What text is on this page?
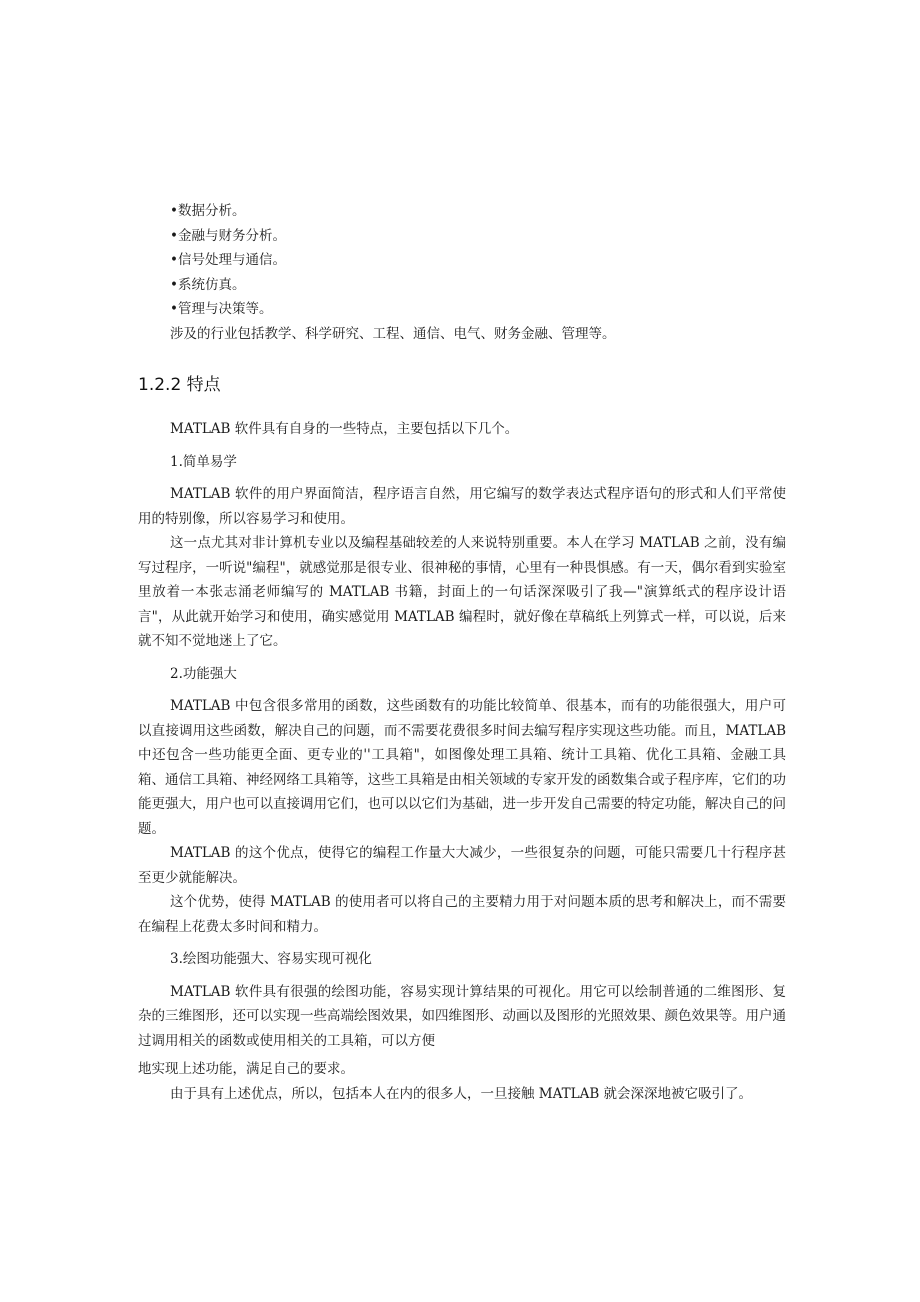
•数据分析。
•金融与财务分析。
•信号处理与通信。
•系统仿真。
•管理与决策等。
涉及的行业包括教学、科学研究、工程、通信、电气、财务金融、管理等。
1.2.2 特点

MATLAB 软件具有自身的一些特点，主要包括以下几个。

1.简单易学

MATLAB 软件的用户界面简洁，程序语言自然，用它编写的数学表达式程序语句的形式和人们平常使用的特别像，所以容易学习和使用。

这一点尤其对非计算机专业以及编程基础较差的人来说特别重要。本人在学习 MATLAB 之前，没有编写过程序，一听说"编程"，就感觉那是很专业、很神秘的事情，心里有一种畏惧感。有一天，偶尔看到实验室里放着一本张志涌老师编写的 MATLAB 书籍，封面上的一句话深深吸引了我—"演算纸式的程序设计语言"，从此就开始学习和使用，确实感觉用 MATLAB 编程时，就好像在草稿纸上列算式一样，可以说，后来就不知不觉地迷上了它。

2.功能强大

MATLAB 中包含很多常用的函数，这些函数有的功能比较简单、很基本，而有的功能很强大，用户可以直接调用这些函数，解决自己的问题，而不需要花费很多时间去编写程序实现这些功能。而且，MATLAB 中还包含一些功能更全面、更专业的''工具箱"，如图像处理工具箱、统计工具箱、优化工具箱、金融工具箱、通信工具箱、神经网络工具箱等，这些工具箱是由相关领域的专家开发的函数集合或子程序库，它们的功能更强大，用户也可以直接调用它们，也可以以它们为基础，进一步开发自己需要的特定功能，解决自己的问题。

MATLAB 的这个优点，使得它的编程工作量大大减少，一些很复杂的问题，可能只需要几十行程序甚至更少就能解决。

这个优势，使得 MATLAB 的使用者可以将自己的主要精力用于对问题本质的思考和解决上，而不需要在编程上花费太多时间和精力。

3.绘图功能强大、容易实现可视化

MATLAB 软件具有很强的绘图功能，容易实现计算结果的可视化。用它可以绘制普通的二维图形、复杂的三维图形，还可以实现一些高端绘图效果，如四维图形、动画以及图形的光照效果、颜色效果等。用户通过调用相关的函数或使用相关的工具箱，可以方便

地实现上述功能，满足自己的要求。

由于具有上述优点，所以，包括本人在内的很多人，一旦接触 MATLAB 就会深深地被它吸引了。
